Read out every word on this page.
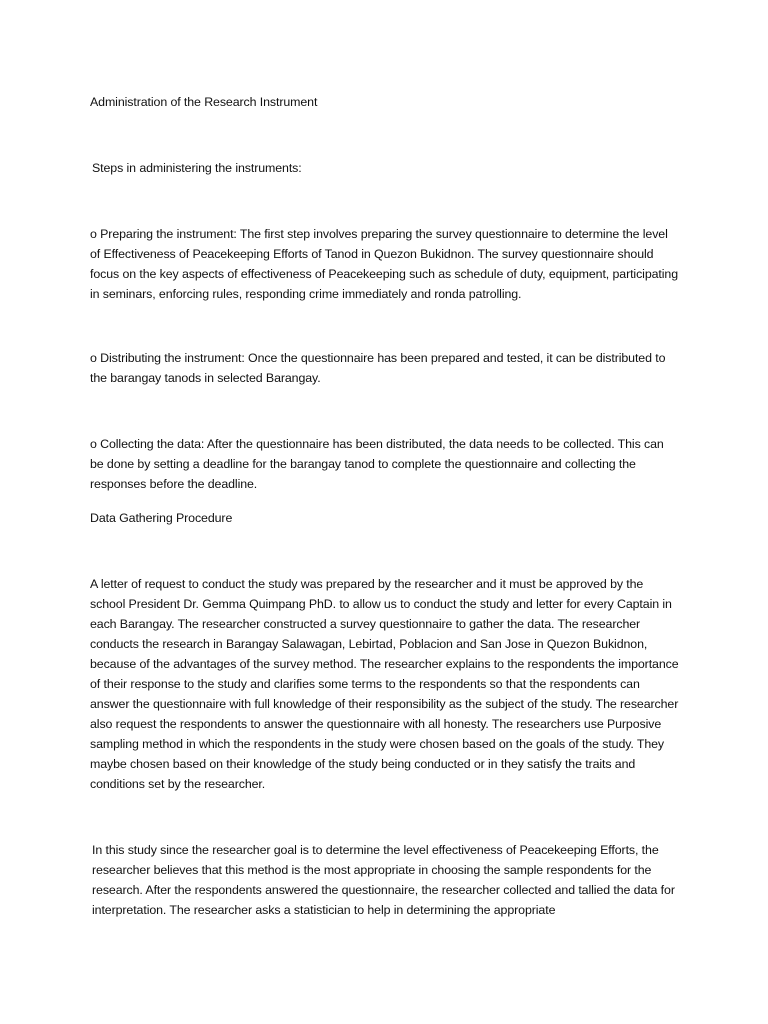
Administration of the Research Instrument

Steps in administering the instruments:

o Preparing the instrument: The first step involves preparing the survey questionnaire to determine the level of Effectiveness of Peacekeeping Efforts of Tanod in Quezon Bukidnon. The survey questionnaire should focus on the key aspects of effectiveness of Peacekeeping such as schedule of duty, equipment, participating in seminars, enforcing rules, responding crime immediately and ronda patrolling.

o Distributing the instrument: Once the questionnaire has been prepared and tested, it can be distributed to the barangay tanods in selected Barangay.

o Collecting the data: After the questionnaire has been distributed, the data needs to be collected. This can be done by setting a deadline for the barangay tanod to complete the questionnaire and collecting the responses before the deadline.

Data Gathering Procedure

A letter of request to conduct the study was prepared by the researcher and it must be approved by the school President Dr. Gemma Quimpang PhD. to allow us to conduct the study and letter for every Captain in each Barangay. The researcher constructed a survey questionnaire to gather the data. The researcher conducts the research in Barangay Salawagan, Lebirtad, Poblacion and San Jose in Quezon Bukidnon, because of the advantages of the survey method. The researcher explains to the respondents the importance of their response to the study and clarifies some terms to the respondents so that the respondents can answer the questionnaire with full knowledge of their responsibility as the subject of the study. The researcher also request the respondents to answer the questionnaire with all honesty. The researchers use Purposive sampling method in which the respondents in the study were chosen based on the goals of the study. They maybe chosen based on their knowledge of the study being conducted or in they satisfy the traits and conditions set by the researcher.

In this study since the researcher goal is to determine the level effectiveness of Peacekeeping Efforts, the researcher believes that this method is the most appropriate in choosing the sample respondents for the research. After the respondents answered the questionnaire, the researcher collected and tallied the data for interpretation. The researcher asks a statistician to help in determining the appropriate
